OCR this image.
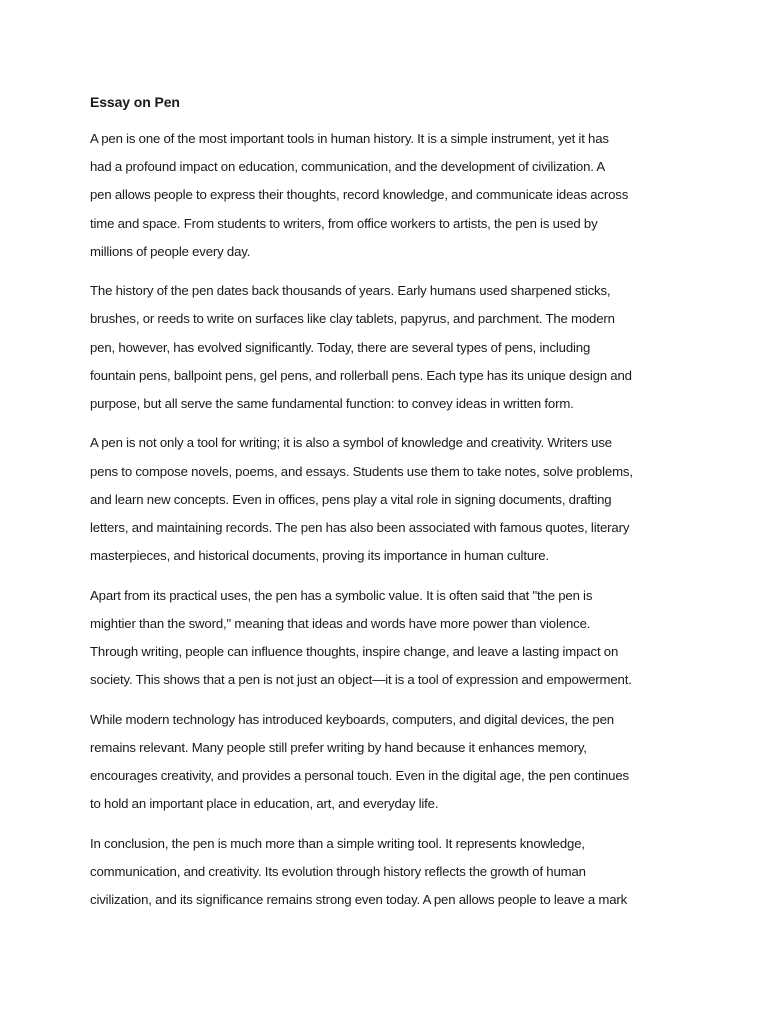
Essay on Pen

A pen is one of the most important tools in human history. It is a simple instrument, yet it has
had a profound impact on education, communication, and the development of civilization. A
pen allows people to express their thoughts, record knowledge, and communicate ideas across
time and space. From students to writers, from office workers to artists, the pen is used by
millions of people every day.

The history of the pen dates back thousands of years. Early humans used sharpened sticks,
brushes, or reeds to write on surfaces like clay tablets, papyrus, and parchment. The modern
pen, however, has evolved significantly. Today, there are several types of pens, including
fountain pens, ballpoint pens, gel pens, and rollerball pens. Each type has its unique design and
purpose, but all serve the same fundamental function: to convey ideas in written form.

A pen is not only a tool for writing; it is also a symbol of knowledge and creativity. Writers use
pens to compose novels, poems, and essays. Students use them to take notes, solve problems,
and learn new concepts. Even in offices, pens play a vital role in signing documents, drafting
letters, and maintaining records. The pen has also been associated with famous quotes, literary
masterpieces, and historical documents, proving its importance in human culture.

Apart from its practical uses, the pen has a symbolic value. It is often said that "the pen is
mightier than the sword," meaning that ideas and words have more power than violence.
Through writing, people can influence thoughts, inspire change, and leave a lasting impact on
society. This shows that a pen is not just an object—it is a tool of expression and empowerment.

While modern technology has introduced keyboards, computers, and digital devices, the pen
remains relevant. Many people still prefer writing by hand because it enhances memory,
encourages creativity, and provides a personal touch. Even in the digital age, the pen continues
to hold an important place in education, art, and everyday life.

In conclusion, the pen is much more than a simple writing tool. It represents knowledge,
communication, and creativity. Its evolution through history reflects the growth of human
civilization, and its significance remains strong even today. A pen allows people to leave a mark
